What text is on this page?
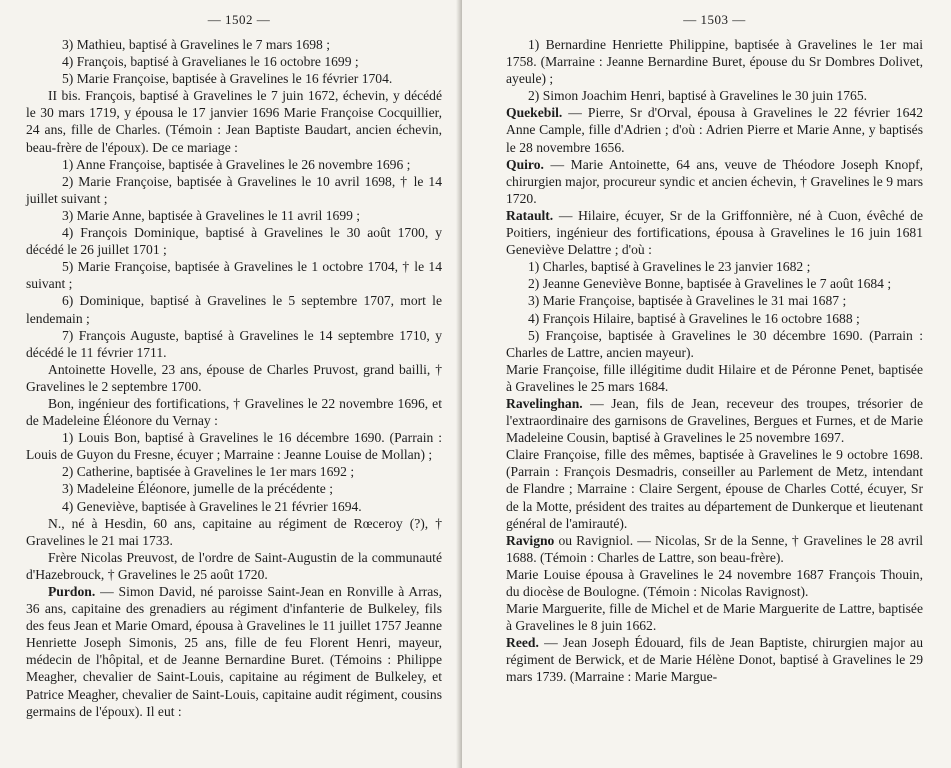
— 1502 —

3) Mathieu, baptisé à Gravelines le 7 mars 1698 ;

4) François, baptisé à Gravelianes le 16 octobre 1699 ;

5) Marie Françoise, baptisée à Gravelines le 16 février 1704.

II bis. François, baptisé à Gravelines le 7 juin 1672, échevin, y décédé le 30 mars 1719, y épousa le 17 janvier 1696 Marie Françoise Cocquillier, 24 ans, fille de Charles. (Témoin : Jean Baptiste Baudart, ancien échevin, beau-frère de l'époux). De ce mariage :

1) Anne Françoise, baptisée à Gravelines le 26 novembre 1696 ;

2) Marie Françoise, baptisée à Gravelines le 10 avril 1698, † le 14 juillet suivant ;

3) Marie Anne, baptisée à Gravelines le 11 avril 1699 ;

4) François Dominique, baptisé à Gravelines le 30 août 1700, y décédé le 26 juillet 1701 ;

5) Marie Françoise, baptisée à Gravelines le 1 octobre 1704, † le 14 suivant ;

6) Dominique, baptisé à Gravelines le 5 septembre 1707, mort le lendemain ;

7) François Auguste, baptisé à Gravelines le 14 septembre 1710, y décédé le 11 février 1711.

Antoinette Hovelle, 23 ans, épouse de Charles Pruvost, grand bailli, † Gravelines le 2 septembre 1700.

Bon, ingénieur des fortifications, † Gravelines le 22 novembre 1696, et de Madeleine Éléonore du Vernay :

1) Louis Bon, baptisé à Gravelines le 16 décembre 1690. (Parrain : Louis de Guyon du Fresne, écuyer ; Marraine : Jeanne Louise de Mollan) ;

2) Catherine, baptisée à Gravelines le 1er mars 1692 ;

3) Madeleine Éléonore, jumelle de la précédente ;

4) Geneviève, baptisée à Gravelines le 21 février 1694.

N., né à Hesdin, 60 ans, capitaine au régiment de Rœceroy (?), † Gravelines le 21 mai 1733.

Frère Nicolas Preuvost, de l'ordre de Saint-Augustin de la communauté d'Hazebrouck, † Gravelines le 25 août 1720.

Purdon. — Simon David, né paroisse Saint-Jean en Ronville à Arras, 36 ans, capitaine des grenadiers au régiment d'infanterie de Bulkeley, fils des feus Jean et Marie Omard, épousa à Gravelines le 11 juillet 1757 Jeanne Henriette Joseph Simonis, 25 ans, fille de feu Florent Henri, mayeur, médecin de l'hôpital, et de Jeanne Bernardine Buret. (Témoins : Philippe Meagher, chevalier de Saint-Louis, capitaine au régiment de Bulkeley, et Patrice Meagher, chevalier de Saint-Louis, capitaine audit régiment, cousins germains de l'époux). Il eut :

— 1503 —

1) Bernardine Henriette Philippine, baptisée à Gravelines le 1er mai 1758. (Marraine : Jeanne Bernardine Buret, épouse du Sr Dombres Dolivet, ayeule) ;

2) Simon Joachim Henri, baptisé à Gravelines le 30 juin 1765.

Quekebil. — Pierre, Sr d'Orval, épousa à Gravelines le 22 février 1642 Anne Cample, fille d'Adrien ; d'où : Adrien Pierre et Marie Anne, y baptisés le 28 novembre 1656.

Quiro. — Marie Antoinette, 64 ans, veuve de Théodore Joseph Knopf, chirurgien major, procureur syndic et ancien échevin, † Gravelines le 9 mars 1720.

Ratault. — Hilaire, écuyer, Sr de la Griffonnière, né à Cuon, évêché de Poitiers, ingénieur des fortifications, épousa à Gravelines le 16 juin 1681 Geneviève Delattre ; d'où :

1) Charles, baptisé à Gravelines le 23 janvier 1682 ;

2) Jeanne Geneviève Bonne, baptisée à Gravelines le 7 août 1684 ;

3) Marie Françoise, baptisée à Gravelines le 31 mai 1687 ;

4) François Hilaire, baptisé à Gravelines le 16 octobre 1688 ;

5) Françoise, baptisée à Gravelines le 30 décembre 1690. (Parrain : Charles de Lattre, ancien mayeur).

Marie Françoise, fille illégitime dudit Hilaire et de Péronne Penet, baptisée à Gravelines le 25 mars 1684.

Ravelinghan. — Jean, fils de Jean, receveur des troupes, trésorier de l'extraordinaire des garnisons de Gravelines, Bergues et Furnes, et de Marie Madeleine Cousin, baptisé à Gravelines le 25 novembre 1697.

Claire Françoise, fille des mêmes, baptisée à Gravelines le 9 octobre 1698. (Parrain : François Desmadris, conseiller au Parlement de Metz, intendant de Flandre ; Marraine : Claire Sergent, épouse de Charles Cotté, écuyer, Sr de la Motte, président des traites au département de Dunkerque et lieutenant général de l'amirauté).

Ravigno ou Ravigniol. — Nicolas, Sr de la Senne, † Gravelines le 28 avril 1688. (Témoin : Charles de Lattre, son beau-frère).

Marie Louise épousa à Gravelines le 24 novembre 1687 François Thouin, du diocèse de Boulogne. (Témoin : Nicolas Ravignost).

Marie Marguerite, fille de Michel et de Marie Marguerite de Lattre, baptisée à Gravelines le 8 juin 1662.

Reed. — Jean Joseph Édouard, fils de Jean Baptiste, chirurgien major au régiment de Berwick, et de Marie Hélène Donot, baptisé à Gravelines le 29 mars 1739. (Marraine : Marie Margue-
